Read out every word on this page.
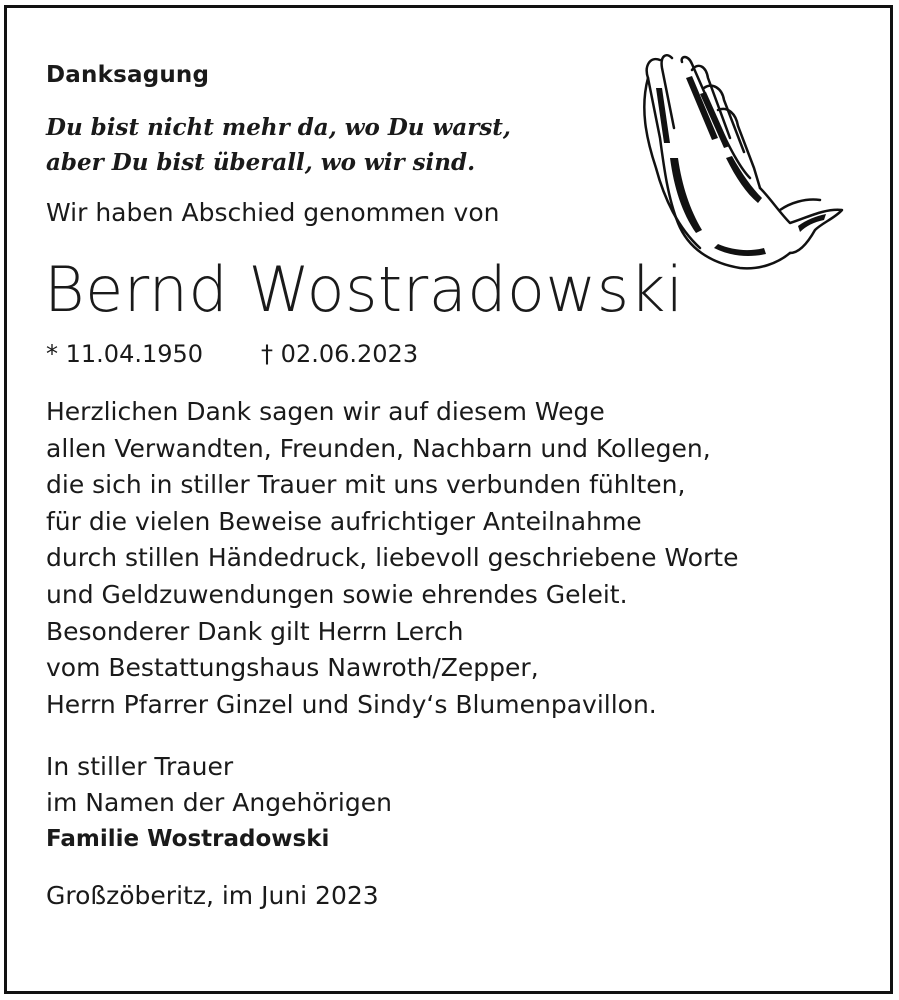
Danksagung
Du bist nicht mehr da, wo Du warst,
aber Du bist überall, wo wir sind.
Wir haben Abschied genommen von
Bernd Wostradowski
* 11.04.1950 † 02.06.2023
Herzlichen Dank sagen wir auf diesem Wege
allen Verwandten, Freunden, Nachbarn und Kollegen,
die sich in stiller Trauer mit uns verbunden fühlten,
für die vielen Beweise aufrichtiger Anteilnahme
durch stillen Händedruck, liebevoll geschriebene Worte
und Geldzuwendungen sowie ehrendes Geleit.
Besonderer Dank gilt Herrn Lerch
vom Bestattungshaus Nawroth/Zepper,
Herrn Pfarrer Ginzel und Sindy‘s Blumenpavillon.
In stiller Trauer
im Namen der Angehörigen
Familie Wostradowski
Großzöberitz, im Juni 2023
